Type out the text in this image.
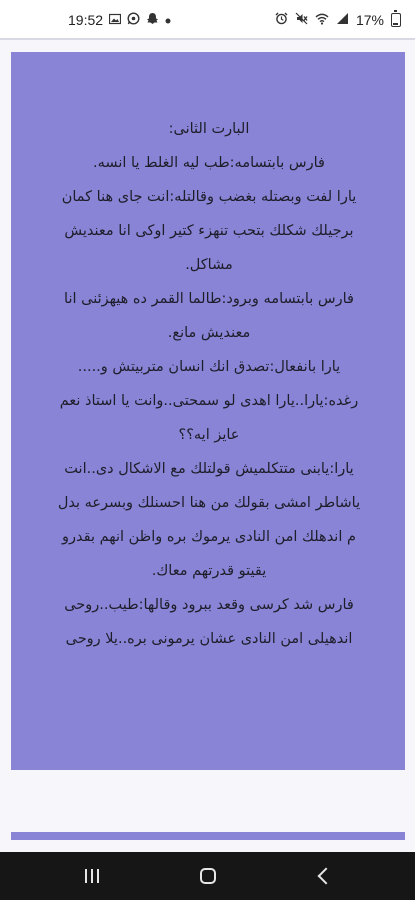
19:52	17%

البارت الثانى:
فارس بابتسامه:طب ليه الغلط يا انسه.
يارا لفت وبصتله بغضب وقالتله:انت جاى هنا كمان
برجيلك شكلك بتحب تنهزء كتير اوكى انا معنديش
مشاكل.
فارس بابتسامه وبرود:طالما القمر ده هيهزئنى انا
معنديش مانع.
يارا بانفعال:تصدق انك انسان متربيتش و.....
رغده:يارا..يارا اهدى لو سمحتى..وانت يا استاذ نعم
عايز ايه؟؟
يارا:يابنى متتكلميش قولتلك مع الاشكال دى..انت
ياشاطر امشى بقولك من هنا احسنلك وبسرعه بدل
م اندهلك امن النادى يرموك بره واظن انهم بقدرو
يقيتو قدرتهم معاك.
فارس شد كرسى وقعد ببرود وقالها:طيب..روحى
اندهيلى امن النادى عشان يرمونى بره..يلا روحى
